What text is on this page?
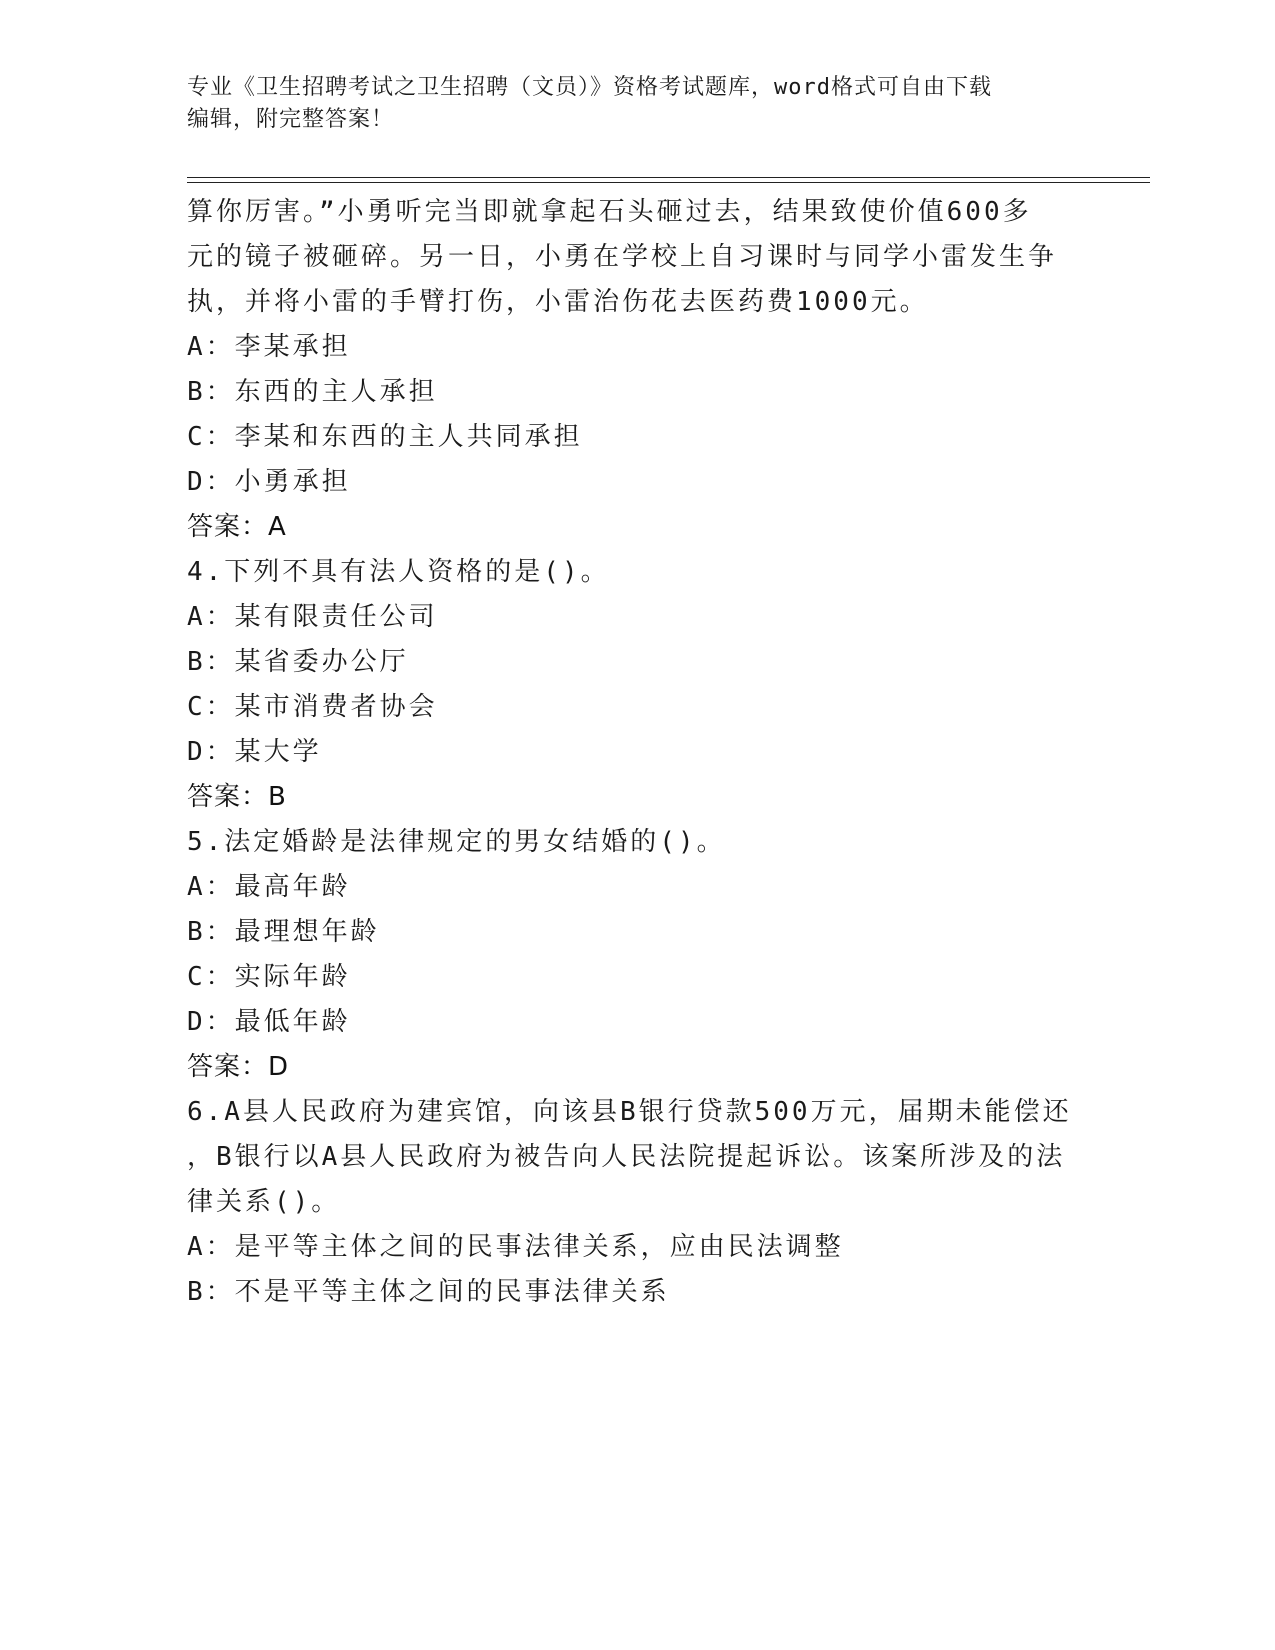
专业《卫生招聘考试之卫生招聘（文员）》资格考试题库，word格式可自由下载
编辑，附完整答案！

算你厉害。”小勇听完当即就拿起石头砸过去，结果致使价值600多

元的镜子被砸碎。另一日，小勇在学校上自习课时与同学小雷发生争

执，并将小雷的手臂打伤，小雷治伤花去医药费1000元。

A：李某承担

B：东西的主人承担

C：李某和东西的主人共同承担

D：小勇承担

答案：A

4.下列不具有法人资格的是()。

A：某有限责任公司

B：某省委办公厅

C：某市消费者协会

D：某大学

答案：B

5.法定婚龄是法律规定的男女结婚的()。

A：最高年龄

B：最理想年龄

C：实际年龄

D：最低年龄

答案：D

6.A县人民政府为建宾馆，向该县B银行贷款500万元，届期未能偿还

，B银行以A县人民政府为被告向人民法院提起诉讼。该案所涉及的法

律关系()。

A：是平等主体之间的民事法律关系，应由民法调整

B：不是平等主体之间的民事法律关系
